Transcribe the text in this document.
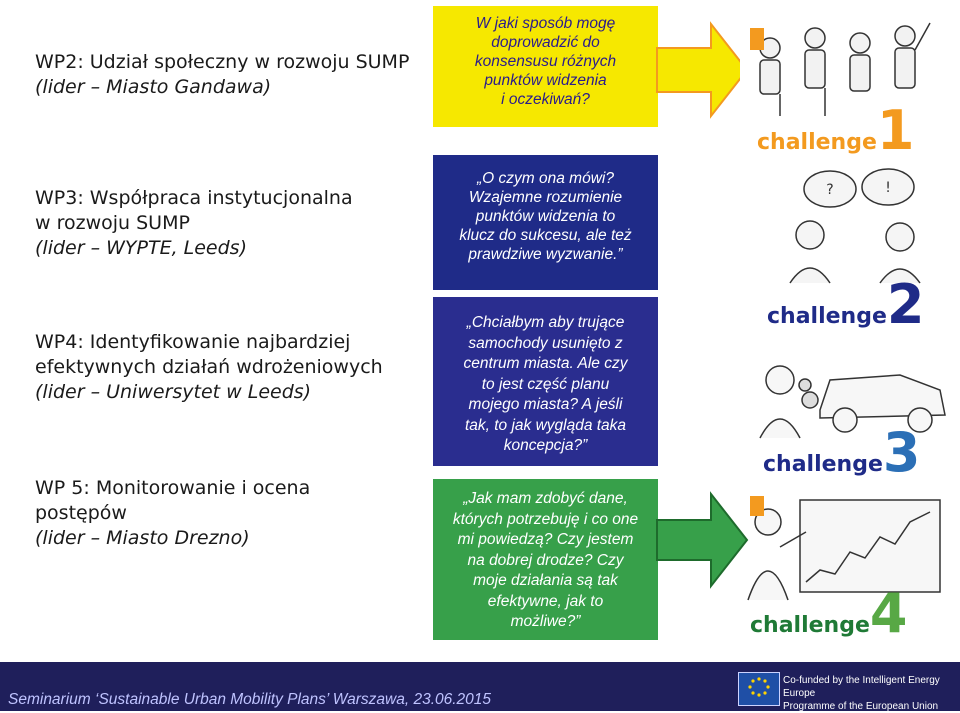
WP2: Udział społeczny w rozwoju SUMP
(lider – Miasto Gandawa)
WP3: Współpraca instytucjonalna
w rozwoju SUMP
(lider – WYPTE, Leeds)
WP4: Identyfikowanie najbardziej
efektywnych działań wdrożeniowych
(lider – Uniwersytet w Leeds)
WP 5: Monitorowanie i ocena
postępów
(lider – Miasto Drezno)
W jaki sposób mogę
doprowadzić do
konsensusu różnych
punktów widzenia
i oczekiwań?
„O czym ona mówi?
Wzajemne rozumienie
punktów widzenia to
klucz do sukcesu, ale też
prawdziwe wyzwanie.”
„Chciałbym aby trujące
samochody usunięto z
centrum miasta. Ale czy
to jest część planu
mojego miasta? A jeśli
tak, to jak wygląda taka
koncepcja?”
„Jak mam zdobyć dane,
których potrzebuję i co one
mi powiedzą? Czy jestem
na dobrej drodze? Czy
moje działania są tak
efektywne, jak to
możliwe?”
?	!
challenge1
challenge2
challenge3
challenge4
Seminarium ‘Sustainable Urban Mobility Plans’ Warszawa, 23.06.2015
Co-funded by the Intelligent Energy Europe
Programme of the European Union
